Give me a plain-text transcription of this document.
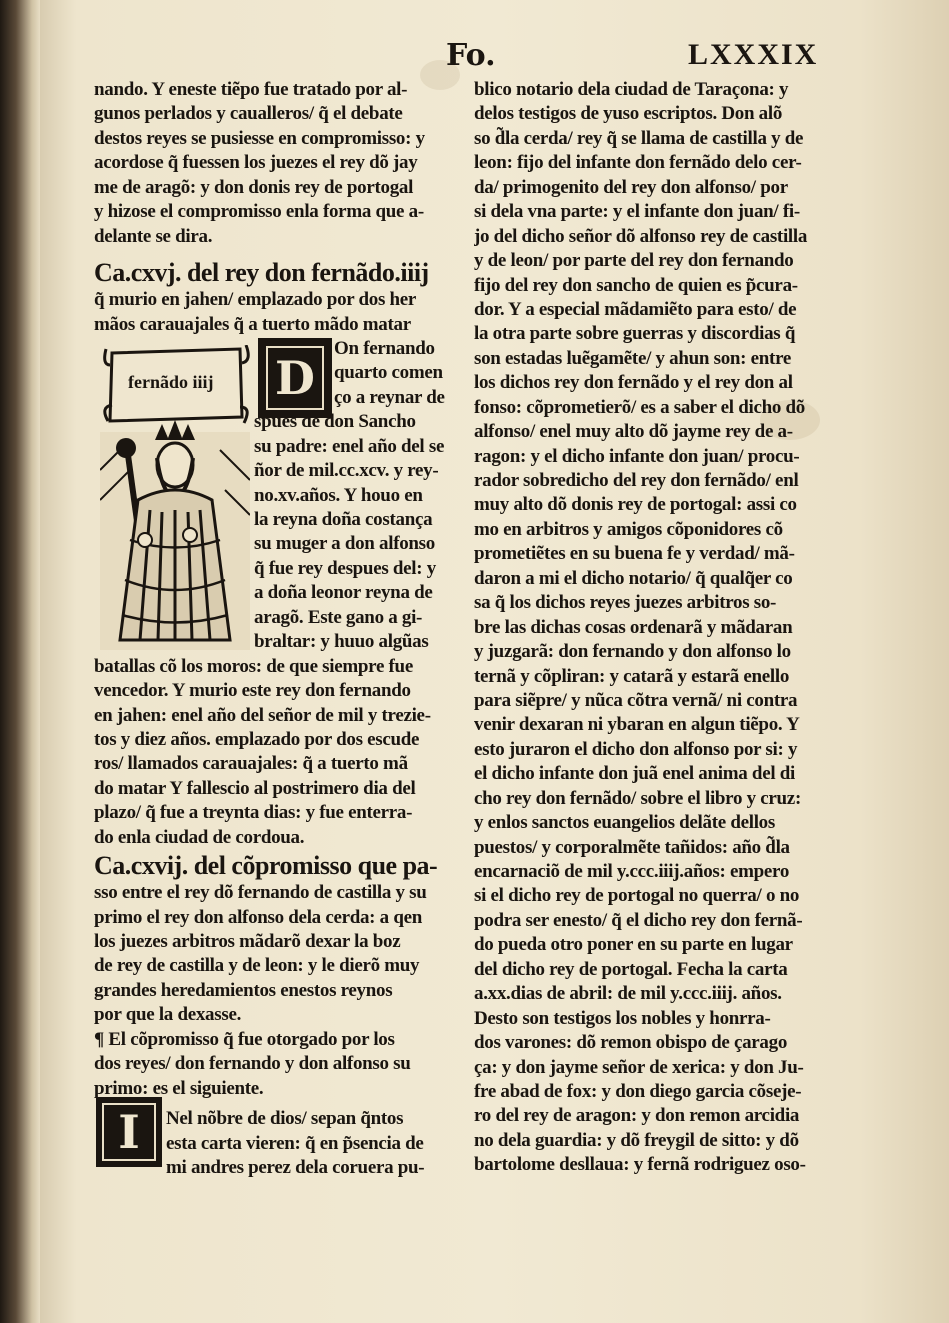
Fo.	LXXXIX
fernãdo iiij D
I
nando. Y eneste tiẽpo fue tratado por al-
gunos perlados y caualleros/ q̃ el debate
destos reyes se pusiesse en compromisso: y
acordose q̃ fuessen los juezes el rey dõ jay
me de aragõ: y don donis rey de portogal
y hizose el compromisso enla forma que a-
delante se dira.
Ca.cxvj. del rey don fernãdo.iiij
q̃ murio en jahen/ emplazado por dos her
mãos carauajales q̃ a tuerto mãdo matar
On fernando
quarto comen
ço a reynar de
spues de don Sancho
su padre: enel año del se
ñor de mil.cc.xcv. y rey-
no.xv.años. Y houo en
la reyna doña costança
su muger a don alfonso
q̃ fue rey despues del: y
a doña leonor reyna de
aragõ. Este gano a gi-
braltar: y huuo algũas
batallas cõ los moros: de que siempre fue
vencedor. Y murio este rey don fernando
en jahen: enel año del señor de mil y trezie-
tos y diez años. emplazado por dos escude
ros/ llamados carauajales: q̃ a tuerto mã
do matar Y fallescio al postrimero dia del
plazo/ q̃ fue a treynta dias: y fue enterra-
do enla ciudad de cordoua.
Ca.cxvij. del cõpromisso que pa-
sso entre el rey dõ fernando de castilla y su
primo el rey don alfonso dela cerda: a qen
los juezes arbitros mãdarõ dexar la boz
de rey de castilla y de leon: y le dierõ muy
grandes heredamientos enestos reynos
por que la dexasse.
¶ El cõpromisso q̃ fue otorgado por los
dos reyes/ don fernando y don alfonso su
primo: es el siguiente.
Nel nõbre de dios/ sepan q̃ntos
esta carta vieren: q̃ en p̃sencia de
mi andres perez dela coruera pu-
blico notario dela ciudad de Taraçona: y
delos testigos de yuso escriptos. Don alõ
so d̃la cerda/ rey q̃ se llama de castilla y de
leon: fijo del infante don fernãdo delo cer-
da/ primogenito del rey don alfonso/ por
si dela vna parte: y el infante don juan/ fi-
jo del dicho señor dõ alfonso rey de castilla
y de leon/ por parte del rey don fernando
fijo del rey don sancho de quien es p̃curа-
dor. Y a especial mãdamiẽto para esto/ de
la otra parte sobre guerras y discordias q̃
son estadas luẽgamẽte/ y ahun son: entre
los dichos rey don fernãdo y el rey don al
fonso: cõprometierõ/ es a saber el dicho dõ
alfonso/ enel muy alto dõ jayme rey de a-
ragon: y el dicho infante don juan/ procu-
rador sobredicho del rey don fernãdo/ enl
muy alto dõ donis rey de portogal: assi co
mo en arbitros y amigos cõponidores cõ
prometiẽtes en su buena fe y verdad/ mã-
daron a mi el dicho notario/ q̃ qualq̃er co
sa q̃ los dichos reyes juezes arbitros so-
bre las dichas cosas ordenarã y mãdaran
y juzgarã: don fernando y don alfonso lo
ternã y cõpliran: y catarã y estarã enello
para siẽpre/ y nũca cõtra vernã/ ni contra
venir dexaran ni ybaran en algun tiẽpo. Y
esto juraron el dicho don alfonso por si: y
el dicho infante don juã enel anima del di
cho rey don fernãdo/ sobre el libro y cruz:
y enlos sanctos euangelios delãte dellos
puestos/ y corporalmẽte tañidos: año d̃la
encarnaciõ de mil y.ccc.iiij.años: empero
si el dicho rey de portogal no querra/ o no
podra ser enesto/ q̃ el dicho rey don fernã-
do pueda otro poner en su parte en lugar
del dicho rey de portogal. Fecha la carta
a.xx.dias de abril: de mil y.ccc.iiij. años.
Desto son testigos los nobles y honrra-
dos varones: dõ remon obispo de çarago
ça: y don jayme señor de xerica: y don Ju-
fre abad de fox: y don diego garcia cõseje-
ro del rey de aragon: y don remon arcidia
no dela guardia: y dõ freygil de sitto: y dõ
bartolome desllaua: y fernã rodriguez oso-
